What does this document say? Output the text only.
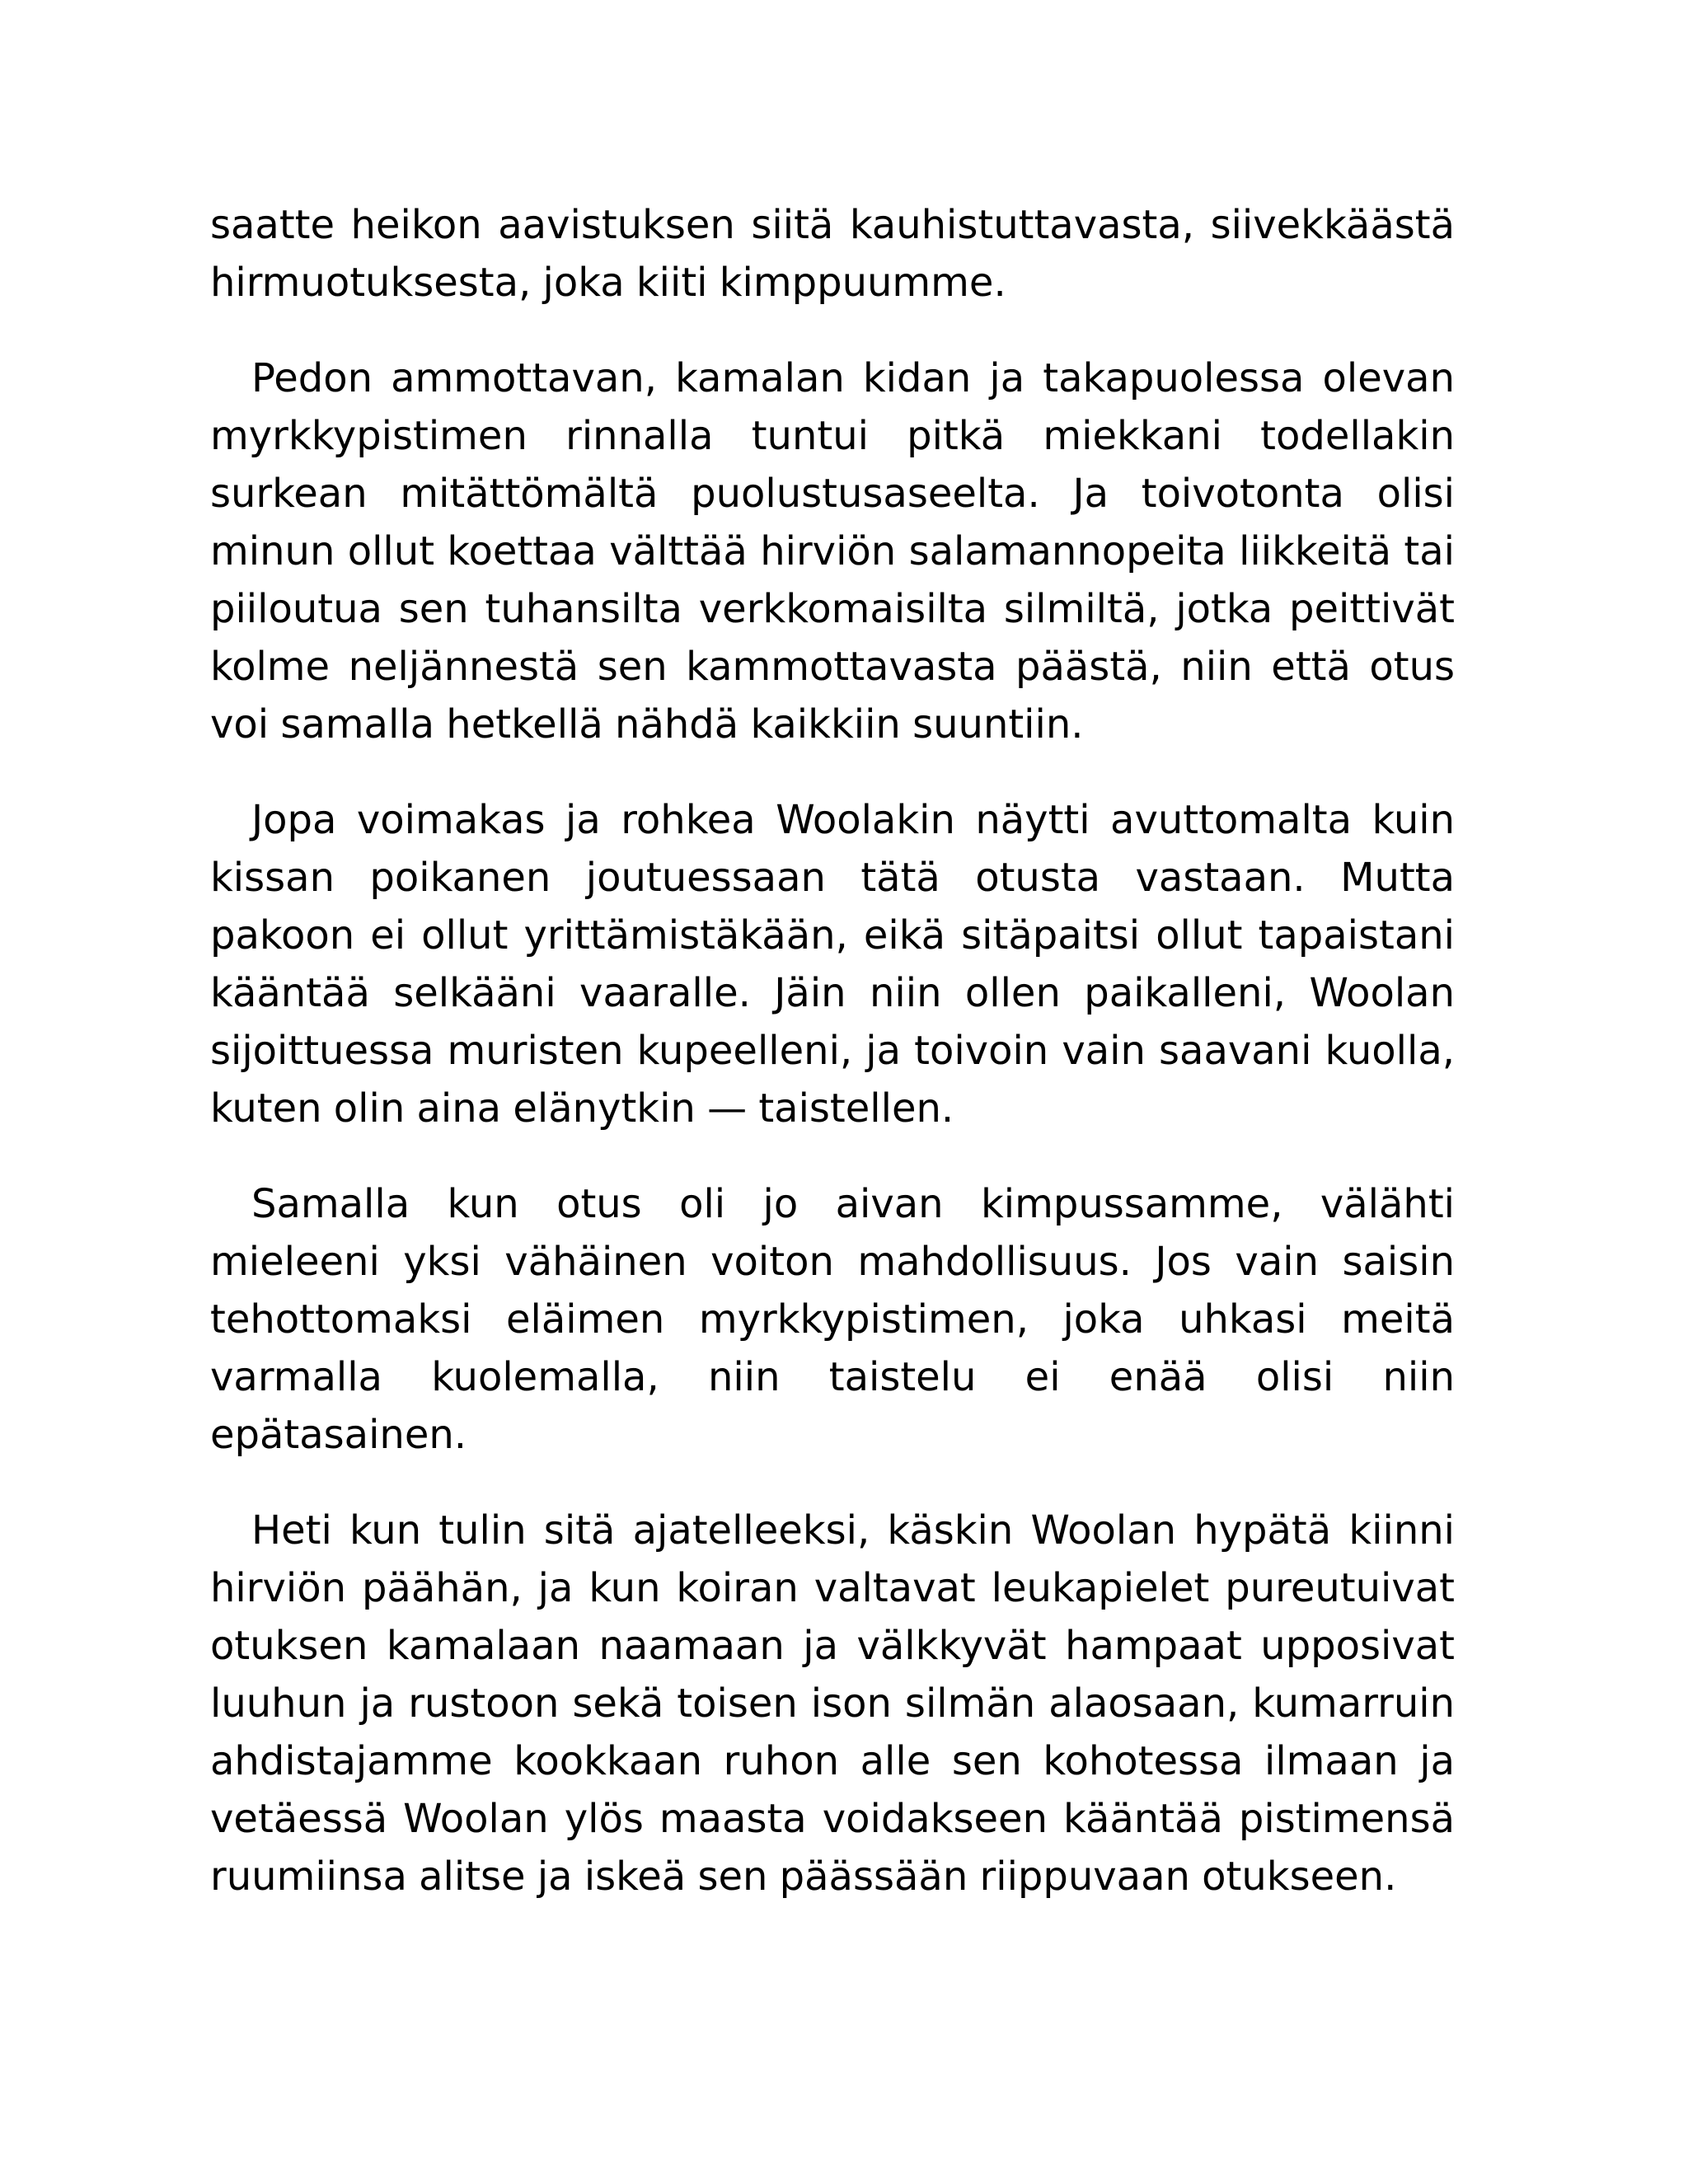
saatte heikon aavistuksen siitä kauhistuttavasta, siivekkäästä hirmuotuksesta, joka kiiti kimppuumme.

Pedon ammottavan, kamalan kidan ja takapuolessa olevan myrkkypistimen rinnalla tuntui pitkä miekkani todellakin surkean mitättömältä puolustusaseelta. Ja toivotonta olisi minun ollut koettaa välttää hirviön salamannopeita liikkeitä tai piiloutua sen tuhansilta verkkomaisilta silmiltä, jotka peittivät kolme neljännestä sen kammottavasta päästä, niin että otus voi samalla hetkellä nähdä kaikkiin suuntiin.

Jopa voimakas ja rohkea Woolakin näytti avuttomalta kuin kissan poikanen joutuessaan tätä otusta vastaan. Mutta pakoon ei ollut yrittämistäkään, eikä sitäpaitsi ollut tapaistani kääntää selkääni vaaralle. Jäin niin ollen paikalleni, Woolan sijoittuessa muristen kupeelleni, ja toivoin vain saavani kuolla, kuten olin aina elänytkin — taistellen.

Samalla kun otus oli jo aivan kimpussamme, välähti mieleeni yksi vähäinen voiton mahdollisuus. Jos vain saisin tehottomaksi eläimen myrkkypistimen, joka uhkasi meitä varmalla kuolemalla, niin taistelu ei enää olisi niin epätasainen.

Heti kun tulin sitä ajatelleeksi, käskin Woolan hypätä kiinni hirviön päähän, ja kun koiran valtavat leukapielet pureutuivat otuksen kamalaan naamaan ja välkkyvät hampaat upposivat luuhun ja rustoon sekä toisen ison silmän alaosaan, kumarruin ahdistajamme kookkaan ruhon alle sen kohotessa ilmaan ja vetäessä Woolan ylös maasta voidakseen kääntää pistimensä ruumiinsa alitse ja iskeä sen päässään riippuvaan otukseen.
